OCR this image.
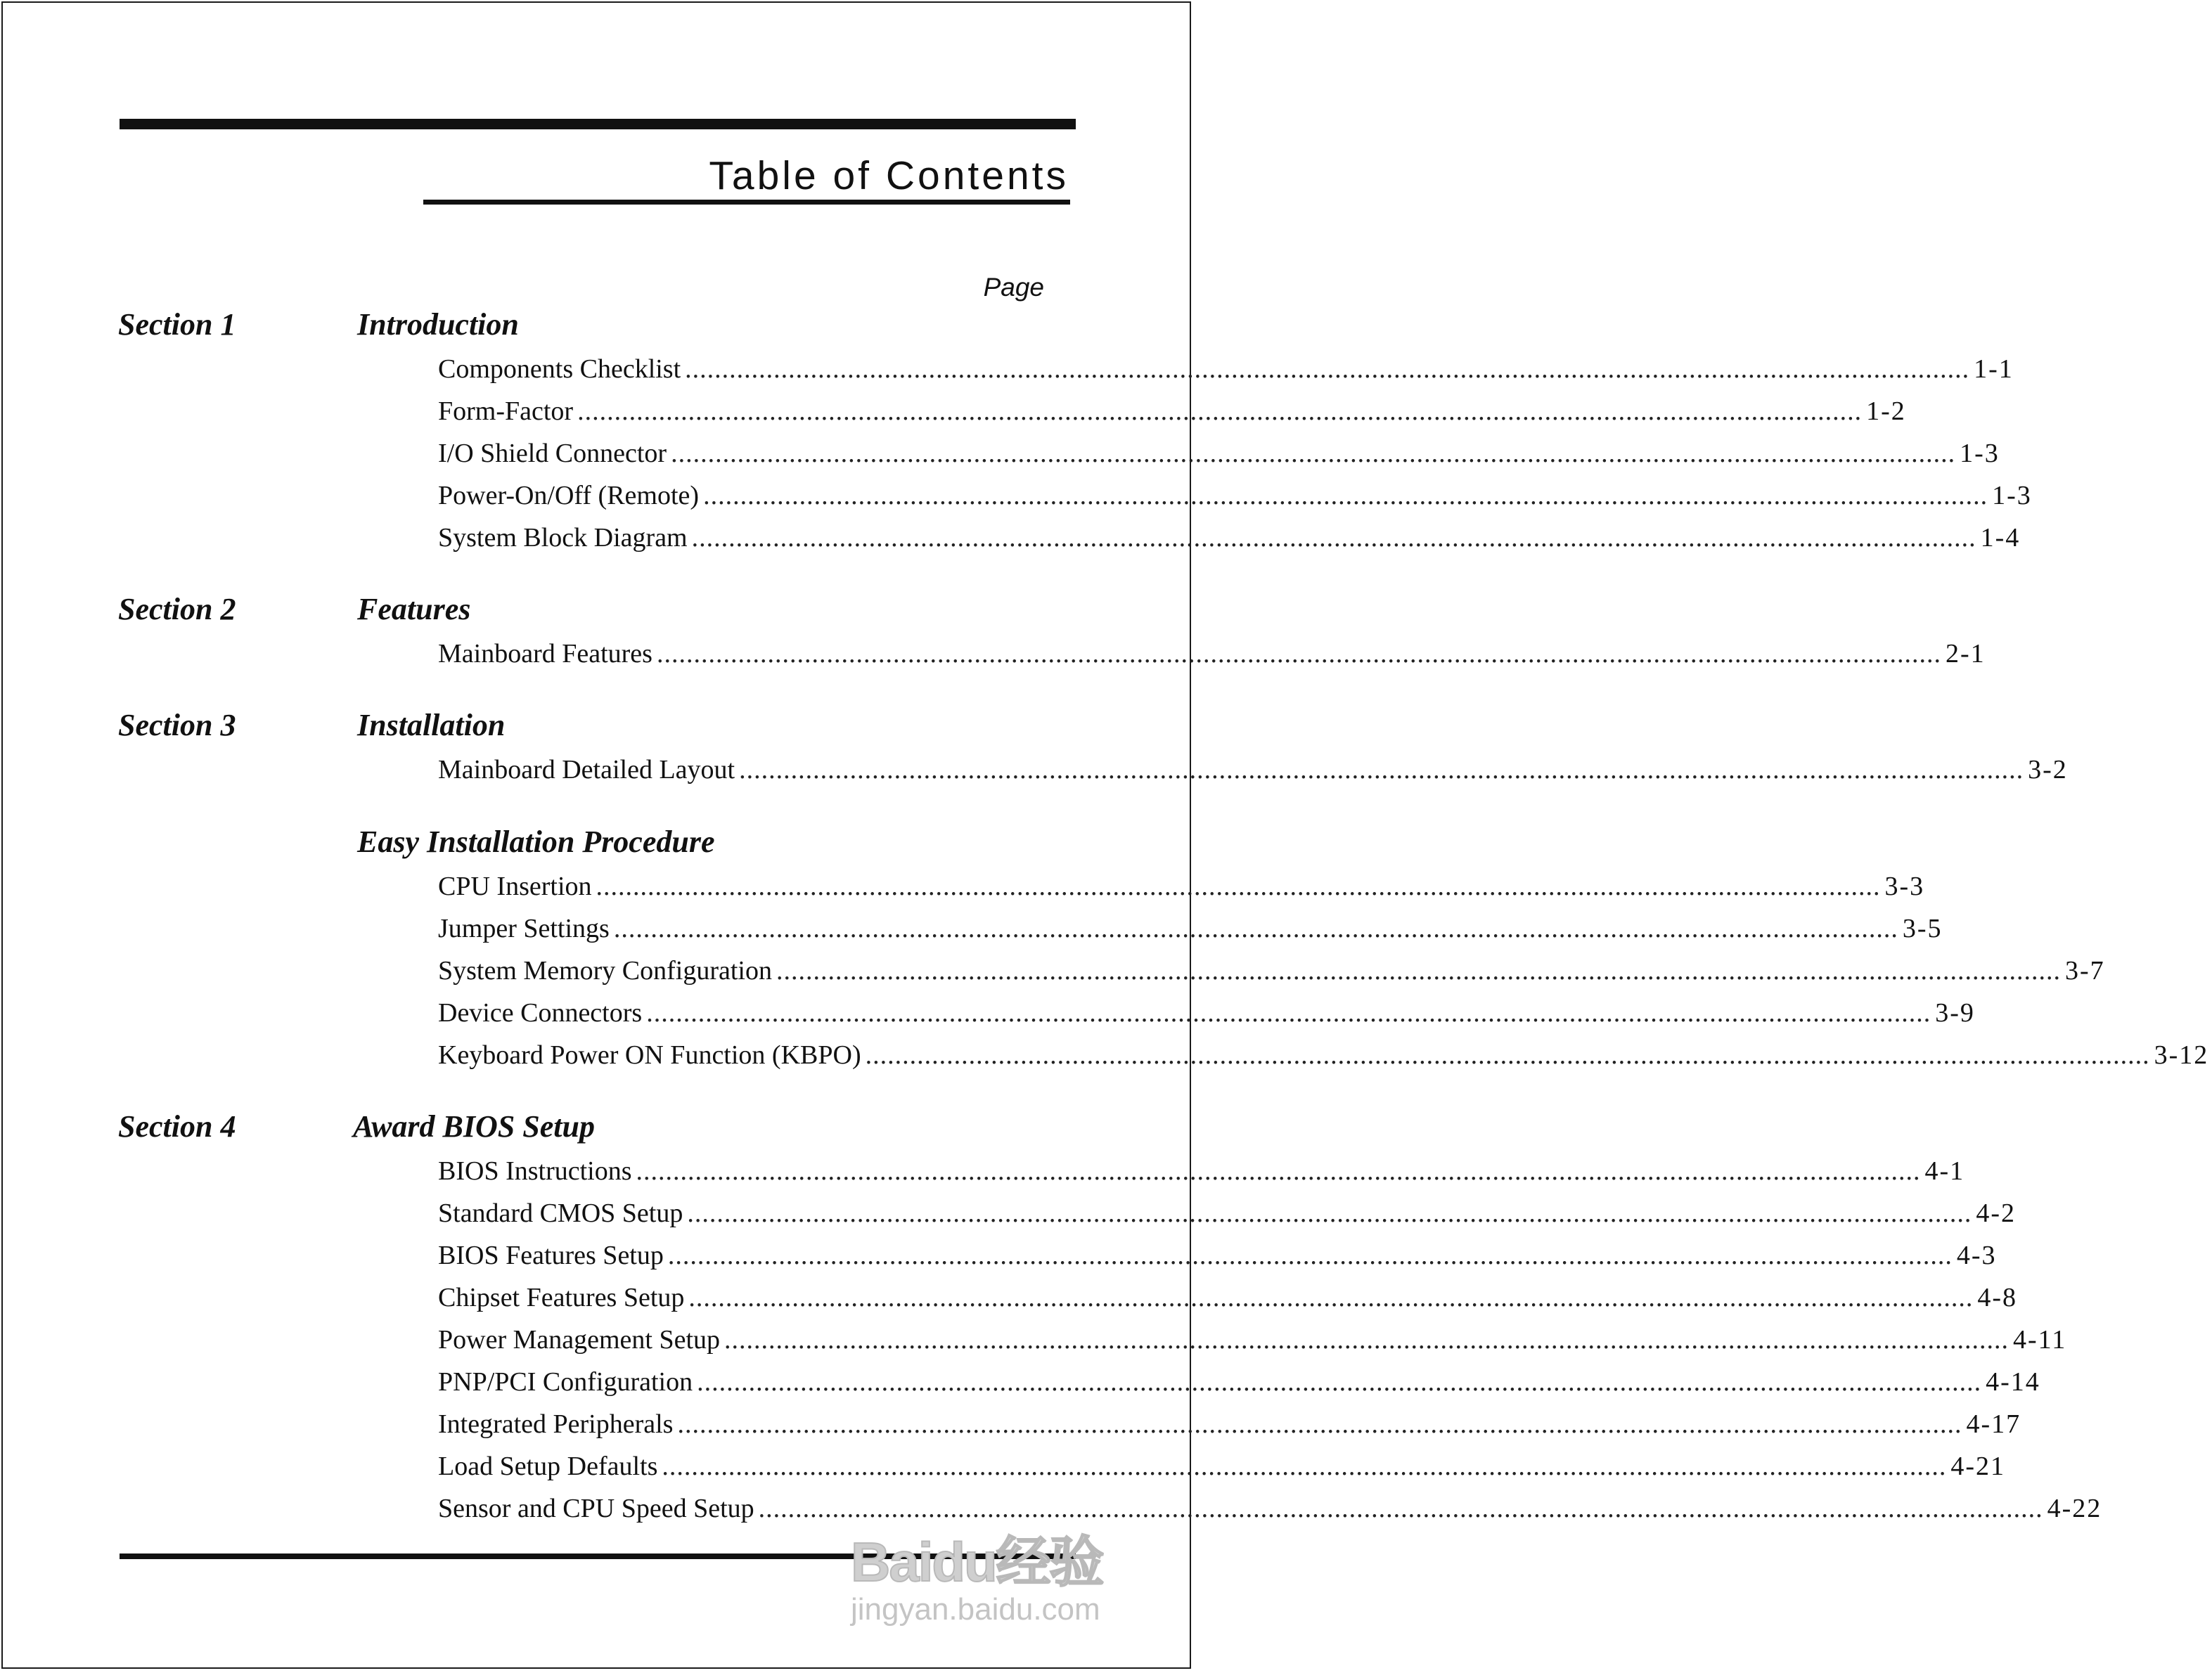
Table of Contents
Page
Section 1	Introduction
Components Checklist .............................................................................................................................................................................. 1-1
Form-Factor .............................................................................................................................................................................. 1-2
I/O Shield Connector .............................................................................................................................................................................. 1-3
Power-On/Off (Remote) .............................................................................................................................................................................. 1-3
System Block Diagram .............................................................................................................................................................................. 1-4
Section 2	Features
Mainboard Features .............................................................................................................................................................................. 2-1
Section 3	Installation
Mainboard Detailed Layout .............................................................................................................................................................................. 3-2
Easy Installation Procedure
CPU Insertion .............................................................................................................................................................................. 3-3
Jumper Settings .............................................................................................................................................................................. 3-5
System Memory Configuration .............................................................................................................................................................................. 3-7
Device Connectors .............................................................................................................................................................................. 3-9
Keyboard Power ON Function (KBPO) .............................................................................................................................................................................. 3-12
Section 4	Award BIOS Setup
BIOS Instructions .............................................................................................................................................................................. 4-1
Standard CMOS Setup .............................................................................................................................................................................. 4-2
BIOS Features Setup .............................................................................................................................................................................. 4-3
Chipset Features Setup .............................................................................................................................................................................. 4-8
Power Management Setup .............................................................................................................................................................................. 4-11
PNP/PCI Configuration .............................................................................................................................................................................. 4-14
Integrated Peripherals .............................................................................................................................................................................. 4-17
Load Setup Defaults .............................................................................................................................................................................. 4-21
Sensor and CPU Speed Setup .............................................................................................................................................................................. 4-22
Baidu经验
jingyan.baidu.com
